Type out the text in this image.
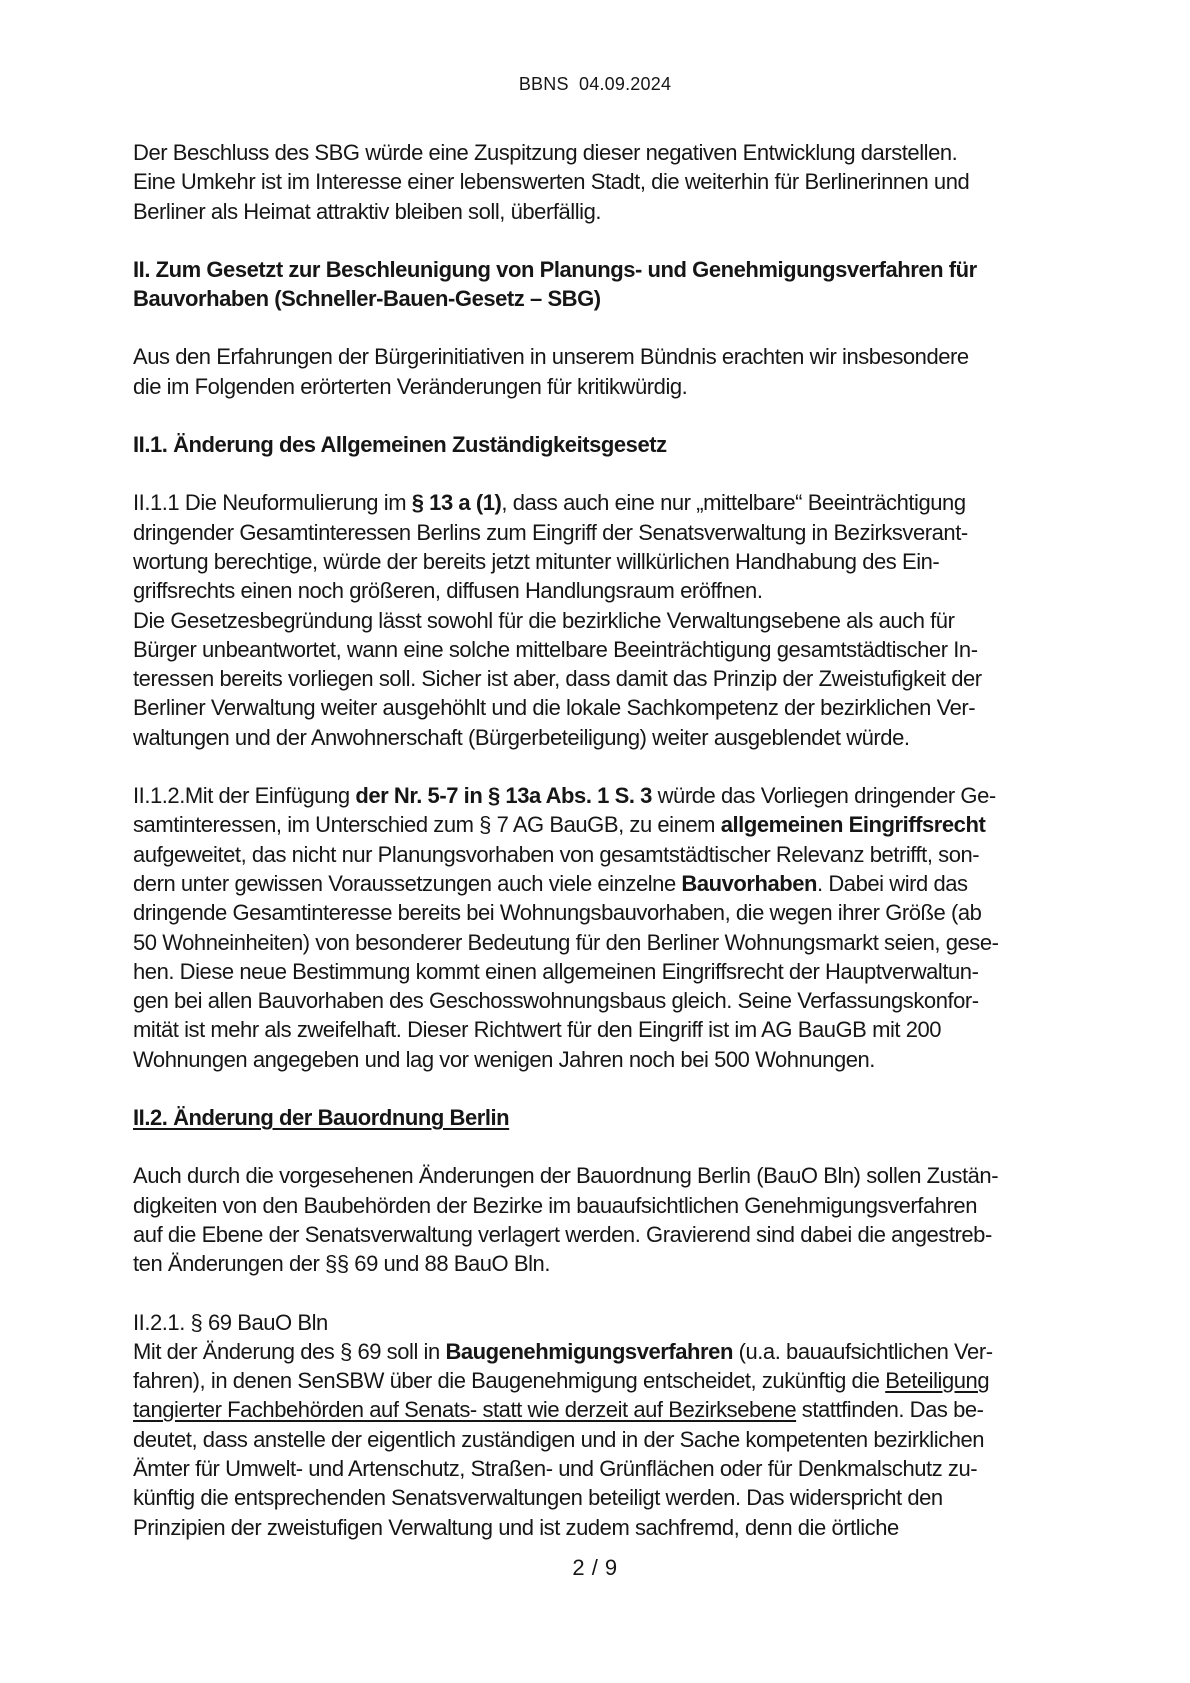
BBNS  04.09.2024
Der Beschluss des SBG würde eine Zuspitzung dieser negativen Entwicklung darstellen.
Eine Umkehr ist im Interesse einer lebenswerten Stadt, die weiterhin für Berlinerinnen und
Berliner als Heimat attraktiv bleiben soll, überfällig.
II. Zum Gesetzt zur Beschleunigung von Planungs- und Genehmigungsverfahren für
Bauvorhaben (Schneller-Bauen-Gesetz – SBG)
Aus den Erfahrungen der Bürgerinitiativen in unserem Bündnis erachten wir insbesondere
die im Folgenden erörterten Veränderungen für kritikwürdig.
II.1. Änderung des Allgemeinen Zuständigkeitsgesetz
II.1.1 Die Neuformulierung im § 13 a (1), dass auch eine nur „mittelbare“ Beeinträchtigung
dringender Gesamtinteressen Berlins zum Eingriff der Senatsverwaltung in Bezirksverant-
wortung berechtige, würde der bereits jetzt mitunter willkürlichen Handhabung des Ein-
griffsrechts einen noch größeren, diffusen Handlungsraum eröffnen.
Die Gesetzesbegründung lässt sowohl für die bezirkliche Verwaltungsebene als auch für
Bürger unbeantwortet, wann eine solche mittelbare Beeinträchtigung gesamtstädtischer In-
teressen bereits vorliegen soll. Sicher ist aber, dass damit das Prinzip der Zweistufigkeit der
Berliner Verwaltung weiter ausgehöhlt und die lokale Sachkompetenz der bezirklichen Ver-
waltungen und der Anwohnerschaft (Bürgerbeteiligung) weiter ausgeblendet würde.
II.1.2.Mit der Einfügung der Nr. 5-7 in § 13a Abs. 1 S. 3 würde das Vorliegen dringender Ge-
samtinteressen, im Unterschied zum § 7 AG BauGB, zu einem allgemeinen Eingriffsrecht
aufgeweitet, das nicht nur Planungsvorhaben von gesamtstädtischer Relevanz betrifft, son-
dern unter gewissen Voraussetzungen auch viele einzelne Bauvorhaben. Dabei wird das
dringende Gesamtinteresse bereits bei Wohnungsbauvorhaben, die wegen ihrer Größe (ab
50 Wohneinheiten) von besonderer Bedeutung für den Berliner Wohnungsmarkt seien, gese-
hen. Diese neue Bestimmung kommt einen allgemeinen Eingriffsrecht der Hauptverwaltun-
gen bei allen Bauvorhaben des Geschosswohnungsbaus gleich. Seine Verfassungskonfor-
mität ist mehr als zweifelhaft. Dieser Richtwert für den Eingriff ist im AG BauGB mit 200
Wohnungen angegeben und lag vor wenigen Jahren noch bei 500 Wohnungen.
II.2. Änderung der Bauordnung Berlin
Auch durch die vorgesehenen Änderungen der Bauordnung Berlin (BauO Bln) sollen Zustän-
digkeiten von den Baubehörden der Bezirke im bauaufsichtlichen Genehmigungsverfahren
auf die Ebene der Senatsverwaltung verlagert werden. Gravierend sind dabei die angestreb-
ten Änderungen der §§ 69 und 88 BauO Bln.
II.2.1. § 69 BauO Bln
Mit der Änderung des § 69 soll in Baugenehmigungsverfahren (u.a. bauaufsichtlichen Ver-
fahren), in denen SenSBW über die Baugenehmigung entscheidet, zukünftig die Beteiligung
tangierter Fachbehörden auf Senats- statt wie derzeit auf Bezirksebene stattfinden. Das be-
deutet, dass anstelle der eigentlich zuständigen und in der Sache kompetenten bezirklichen
Ämter für Umwelt- und Artenschutz, Straßen- und Grünflächen oder für Denkmalschutz zu-
künftig die entsprechenden Senatsverwaltungen beteiligt werden. Das widerspricht den
Prinzipien der zweistufigen Verwaltung und ist zudem sachfremd, denn die örtliche
2 / 9
